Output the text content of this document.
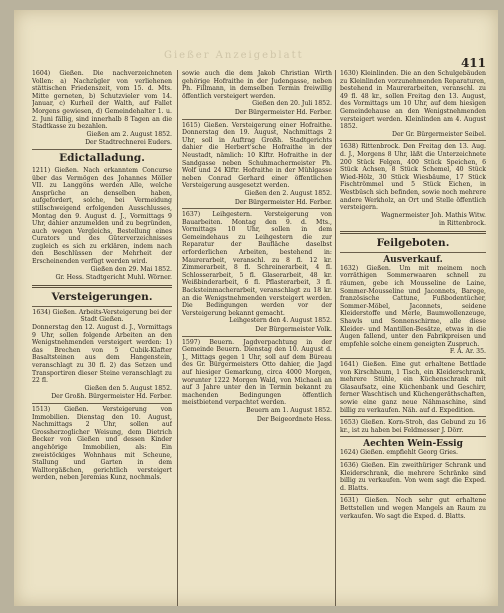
Gießer Anzeigeblatt
411

1604) Gießen. Die nachverzeichneten Vollen: a) Nachzügler von verliehenen stättischen Friedenszeit, vom 15. d. Mts. Mitte gerneten, b) Schutzvieler vom 14. Januar, c) Kurheil der Walth, auf Fallet Morgens gewiesen, d) Gemeindehalter 1. u. 2. Juni fällig, sind innerhalb 8 Tagen an die Stadtkasse zu bezahlen.

Gießen am 2. August 1852.

Der Stadtrechnerei Euders.

Edictalladung.

1211) Gießen. Nach erkanntem Concurse über das Vermögen des Johannes Möller VII. zu Langgöns werden Alle, welche Ansprüche an denselben haben, aufgefordert, solche, bei Vermeidung stillschweigend erfolgenden Ausschlusses, Montag den 9. August d. J., Vormittags 9 Uhr, dahier anzumelden und zu begründen, auch wegen Vergleichs, Bestellung eines Curators und des Güterverzeichnisses zugleich es sich zu erklären, indem nach den Beschlüssen der Mehrheit der Erscheinenden verfügt werden wird.

Gießen den 29. Mai 1852.

Gr. Hess. Stadtgericht Muhl. Wörner.

Versteigerungen.

1634) Gießen. Arbeits-Versteigerung bei der Stadt Gießen.

Donnerstag den 12. August d. J., Vormittags 9 Uhr, sollen folgende Arbeiten an den Wenigstnehmenden versteigert werden: 1) das Brechen von 5 Cubik-Klafter Basaltsteinen aus dem Hangenstein, veranschlagt zu 30 fl. 2) das Setzen und Transportiren dieser Steine veranschlagt zu 22 fl.

Gießen den 5. August 1852.

Der Großh. Bürgermeister Hd. Ferber.

1513) Gießen. Versteigerung von Immobilien. Dienstag den 10. August, Nachmittags 2 Uhr, sollen auf Grossherzoglicher Weisung, dem Dietrich Becker von Gießen und dessen Kinder angehörige Immobilien, als: Ein zweistöckiges Wohnhaus mit Scheune, Stallung und Garten in dem Walltorgäßchen, gerichtlich versteigert werden, neben Jeremias Kunz, nochmals.

sowie auch die dem Jakob Christian Wirth gehörige Hofraithe in der Judengasse, neben Ph. Fillmann, in demselben Termin freiwillig öffentlich versteigert werden.

Gießen den 20. Juli 1852.

Der Bürgermeister Hd. Ferber.

1615) Gießen. Versteigerung einer Hofraithe. Donnerstag den 19. August, Nachmittags 2 Uhr, soll in Auftrag Großh. Stadtgerichts dahier die Herbert'sche Hofraithe in der Neustadt, nämlich: 10 Klftr. Hofraithe in der Sandgasse neben Schuhmachermeister Ph. Wolf und 24 Klftr. Hofraithe in der Mühlgasse neben Conrad Gerhard einer öffentlichen Versteigerung ausgesetzt werden.

Gießen den 2. August 1852.

Der Bürgermeister Hd. Ferber.

1637) Leihgestern. Versteigerung von Bauarbeiten. Montag den 9. d. Mts., Vormittags 10 Uhr, sollen in dem Gemeindehaus zu Leihgestern die zur Reparatur der Baufläche daselbst erforderlichen Arbeiten, bestehend in: Maurerarbeit, veranschl. zu 8 fl. 12 kr. Zimmerarbeit, 8 fl. Schreinerarbeit, 4 fl. Schlosserarbeit, 5 fl. Glaserarbeit, 48 kr. Weißbinderarbeit, 6 fl. Pflasterarbeit, 3 fl. Backsteinmacherarbeit, veranschlagt zu 18 kr. an die Wenigstnehmenden versteigert werden. Die Bedingungen werden vor der Versteigerung bekannt gemacht.

Leihgestern den 4. August 1852.

Der Bürgermeister Volk.

1597) Beuern. Jagdverpachtung in der Gemeinde Beuern. Dienstag den 10. August d. J., Mittags gegen 1 Uhr, soll auf dem Büreau des Gr. Bürgermeisters Otto dahier, die Jagd auf hiesiger Gemarkung, circa 4000 Morgen, worunter 1222 Morgen Wald, von Michaeli an auf 3 Jahre unter den in Termin bekannt zu machenden Bedingungen öffentlich meistbietend verpachtet werden.

Beuern am 1. August 1852.

Der Beigeordnete Hess.

1630) Kleinlinden. Die an den Schulgebäuden zu Kleinlinden vorzunehmenden Reparaturen, bestehend in Maurerarbeiten, veranschl. zu 49 fl. 48 kr., sollen Freitag den 13. August, des Vormittags um 10 Uhr, auf dem hiesigen Gemeindehause an den Wenigstnehmenden versteigert werden. Kleinlinden am 4. August 1852.

Der Gr. Bürgermeister Seibel.

1638) Rittenbrock. Den Freitag den 13. Aug. d. J., Morgens 8 Uhr, läßt die Unterzeichnete 200 Stück Felgen, 400 Stück Speichen, 6 Stück Achsen, 8 Stück Schemel, 40 Stück Wied-Hölz, 30 Stück Wiesbäume, 17 Stück Fischtrömmel und 5 Stück Eichen, in Westbüsch sich befinden, sowie noch mehrere andere Werkholz, an Ort und Stelle öffentlich versteigern.

Wagnermeister Joh. Mathis Witw.

in Rittenbrock.

Feilgeboten.

Ausverkauf.

1632) Gießen. Um mit meinem noch vorräthigen Sommerwaaren schnell zu räumen, gebe ich Mousseline de Laine, Sommer-Mousseline und Jaconnets, Barege, französische Cattune, Fußbodentücher, Sommer-Möbel, Jaconnets, seidene Kleiderstoffe und Merle, Baumwollenzeuge, Shawls und Sonnenschirme, alle diese Kleider- und Mantillen-Besätze, etwas in die Augen fallend, unter den Fabrikpreisen und empfehle solche einem geneigten Zuspruch.

F. A. Ar. 35.

1641) Gießen. Eine gut erhaltene Bettlade von Kirschbaum, 1 Tisch, ein Kleiderschrank, mehrere Stühle, ein Küchenschrank mit Glasaufsatz, eine Küchenbank und Geschirr, ferner Waschtisch und Küchengeräthschaften, sowie eine ganz neue Nähmaschine, sind billig zu verkaufen. Näh. auf d. Expedition.

1653) Gießen. Korn-Stroh, das Gebund zu 16 kr., ist zu haben bei Feldmesser J. Dörr.

Aechten Wein-Essig

1624) Gießen. empfiehlt Georg Gries.

1636) Gießen. Ein zweithüriger Schrank und Kleiderschrank, die mehrere Schränke sind billig zu verkaufen. Von wem sagt die Exped. d. Blatts.

1631) Gießen. Noch sehr gut erhaltene Bettstellen und wegen Mangels an Raum zu verkaufen. Wo sagt die Exped. d. Blatts.
